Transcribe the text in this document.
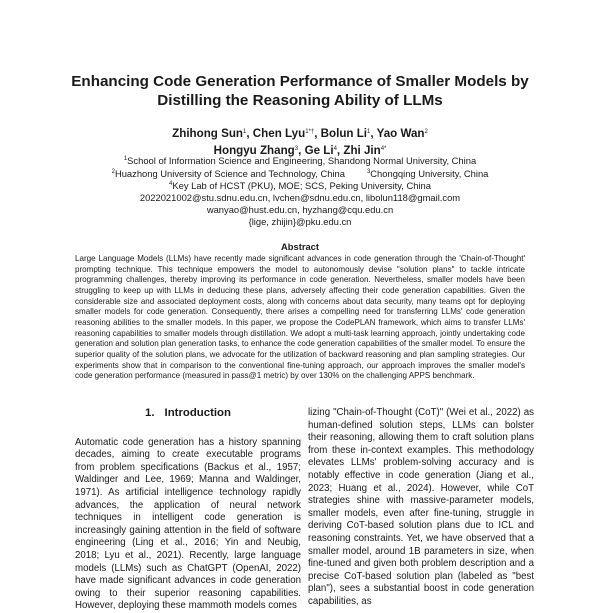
Enhancing Code Generation Performance of Smaller Models by Distilling the Reasoning Ability of LLMs
Zhihong Sun$^1$, Chen Lyu$^{1*\dagger}$, Bolun Li$^1$, Yao Wan$^2$
Hongyu Zhang$^3$, Ge Li$^4$, Zhi Jin$^{4*}$
$^1$School of Information Science and Engineering, Shandong Normal University, China
$^2$Huazhong University of Science and Technology, China	$^3$Chongqing University, China
$^4$Key Lab of HCST (PKU), MOE; SCS, Peking University, China
2022021002@stu.sdnu.edu.cn, lvchen@sdnu.edu.cn, libolun118@gmail.com
wanyao@hust.edu.cn, hyzhang@cqu.edu.cn
{lige, zhijin}@pku.edu.cn
Abstract
Large Language Models (LLMs) have recently made significant advances in code generation through the 'Chain-of-Thought' prompting technique. This technique empowers the model to autonomously devise "solution plans" to tackle intricate programming challenges, thereby improving its performance in code generation. Nevertheless, smaller models have been struggling to keep up with LLMs in deducing these plans, adversely affecting their code generation capabilities. Given the considerable size and associated deployment costs, along with concerns about data security, many teams opt for deploying smaller models for code generation. Consequently, there arises a compelling need for transferring LLMs' code generation reasoning abilities to the smaller models. In this paper, we propose the CodePLAN framework, which aims to transfer LLMs' reasoning capabilities to smaller models through distillation. We adopt a multi-task learning approach, jointly undertaking code generation and solution plan generation tasks, to enhance the code generation capabilities of the smaller model. To ensure the superior quality of the solution plans, we advocate for the utilization of backward reasoning and plan sampling strategies. Our experiments show that in comparison to the conventional fine-tuning approach, our approach improves the smaller model's code generation performance (measured in pass@1 metric) by over 130% on the challenging APPS benchmark.
1. Introduction
Automatic code generation has a history spanning decades, aiming to create executable programs from problem specifications (Backus et al., 1957; Waldinger and Lee, 1969; Manna and Waldinger, 1971). As artificial intelligence technology rapidly advances, the application of neural network techniques in intelligent code generation is increasingly gaining attention in the field of software engineering (Ling et al., 2016; Yin and Neubig, 2018; Lyu et al., 2021). Recently, large language models (LLMs) such as ChatGPT (OpenAI, 2022) have made significant advances in code generation owing to their superior reasoning capabilities. However, deploying these mammoth models comes
lizing "Chain-of-Thought (CoT)" (Wei et al., 2022) as human-defined solution steps, LLMs can bolster their reasoning, allowing them to craft solution plans from these in-context examples. This methodology elevates LLMs' problem-solving accuracy and is notably effective in code generation (Jiang et al., 2023; Huang et al., 2024). However, while CoT strategies shine with massive-parameter models, smaller models, even after fine-tuning, struggle in deriving CoT-based solution plans due to ICL and reasoning constraints. Yet, we have observed that a smaller model, around 1B parameters in size, when fine-tuned and given both problem description and a precise CoT-based solution plan (labeled as "best plan"), sees a substantial boost in code generation capabilities, as
